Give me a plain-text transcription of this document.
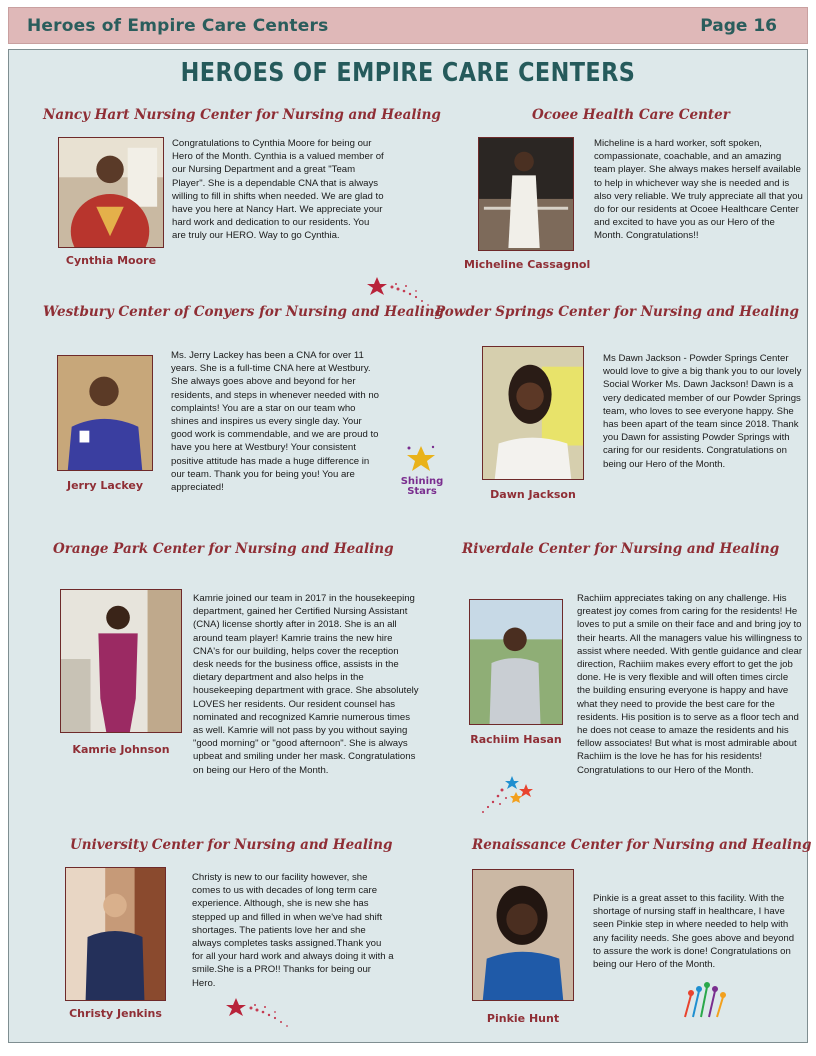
Heroes of Empire Care Centers	Page 16
HEROES OF EMPIRE CARE CENTERS
Nancy Hart Nursing Center for Nursing and Healing
Cynthia Moore

Congratulations to Cynthia Moore for being our Hero of the Month. Cynthia is a valued member of our Nursing Department and a great "Team Player". She is a dependable CNA that is always willing to fill in shifts when needed. We are glad to have you here at Nancy Hart. We appreciate your hard work and dedication to our residents. You are truly our HERO. Way to go Cynthia.

Ocoee Health Care Center
Micheline Cassagnol

Micheline is a hard worker, soft spoken, compassionate, coachable, and an amazing team player. She always makes herself available to help in whichever way she is needed and is also very reliable. We truly appreciate all that you do for our residents at Ocoee Healthcare Center and excited to have you as our Hero of the Month. Congratulations!!

Westbury Center of Conyers for Nursing and Healing
Jerry Lackey

Ms. Jerry Lackey has been a CNA for over 11 years. She is a full-time CNA here at Westbury. She always goes above and beyond for her residents, and steps in whenever needed with no complaints! You are a star on our team who shines and inspires us every single day. Your good work is commendable, and we are proud to have you here at Westbury! Your consistent positive attitude has made a huge difference in our team. Thank you for being you! You are appreciated!

Shining
Stars
Powder Springs Center for Nursing and Healing
Dawn Jackson

Ms Dawn Jackson - Powder Springs Center would love to give a big thank you to our lovely Social Worker Ms. Dawn Jackson! Dawn is a very dedicated member of our Powder Springs team, who loves to see everyone happy. She has been apart of the team since 2018. Thank you Dawn for assisting Powder Springs with caring for our residents. Congratulations on being our Hero of the Month.

Orange Park Center for Nursing and Healing
Kamrie Johnson

Kamrie joined our team in 2017 in the housekeeping department, gained her Certified Nursing Assistant (CNA) license shortly after in 2018. She is an all around team player! Kamrie trains the new hire CNA's for our building, helps cover the reception desk needs for the business office, assists in the dietary department and also helps in the housekeeping department with grace. She absolutely LOVES her residents. Our resident counsel has nominated and recognized Kamrie numerous times as well. Kamrie will not pass by you without saying "good morning" or "good afternoon". She is always upbeat and smiling under her mask. Congratulations on being our Hero of the Month.

Riverdale Center for Nursing and Healing
Rachiim Hasan

Rachiim appreciates taking on any challenge. His greatest joy comes from caring for the residents! He loves to put a smile on their face and and bring joy to their hearts. All the managers value his willingness to assist where needed. With gentle guidance and clear direction, Rachiim makes every effort to get the job done. He is very flexible and will often times circle the building ensuring everyone is happy and have what they need to provide the best care for the residents. His position is to serve as a floor tech and he does not cease to amaze the residents and his fellow associates! But what is most admirable about Rachiim is the love he has for his residents! Congratulations to our Hero of the Month.

University Center for Nursing and Healing
Christy Jenkins

Christy is new to our facility however, she comes to us with decades of long term care experience. Although, she is new she has stepped up and filled in when we've had shift shortages. The patients love her and she always completes tasks assigned.Thank you for all your hard work and always doing it with a smile.She is a PRO!! Thanks for being our Hero.

Renaissance Center for Nursing and Healing
Pinkie Hunt

Pinkie is a great asset to this facility. With the shortage of nursing staff in healthcare, I have seen Pinkie step in where needed to help with any facility needs. She goes above and beyond to assure the work is done! Congratulations on being our Hero of the Month.
